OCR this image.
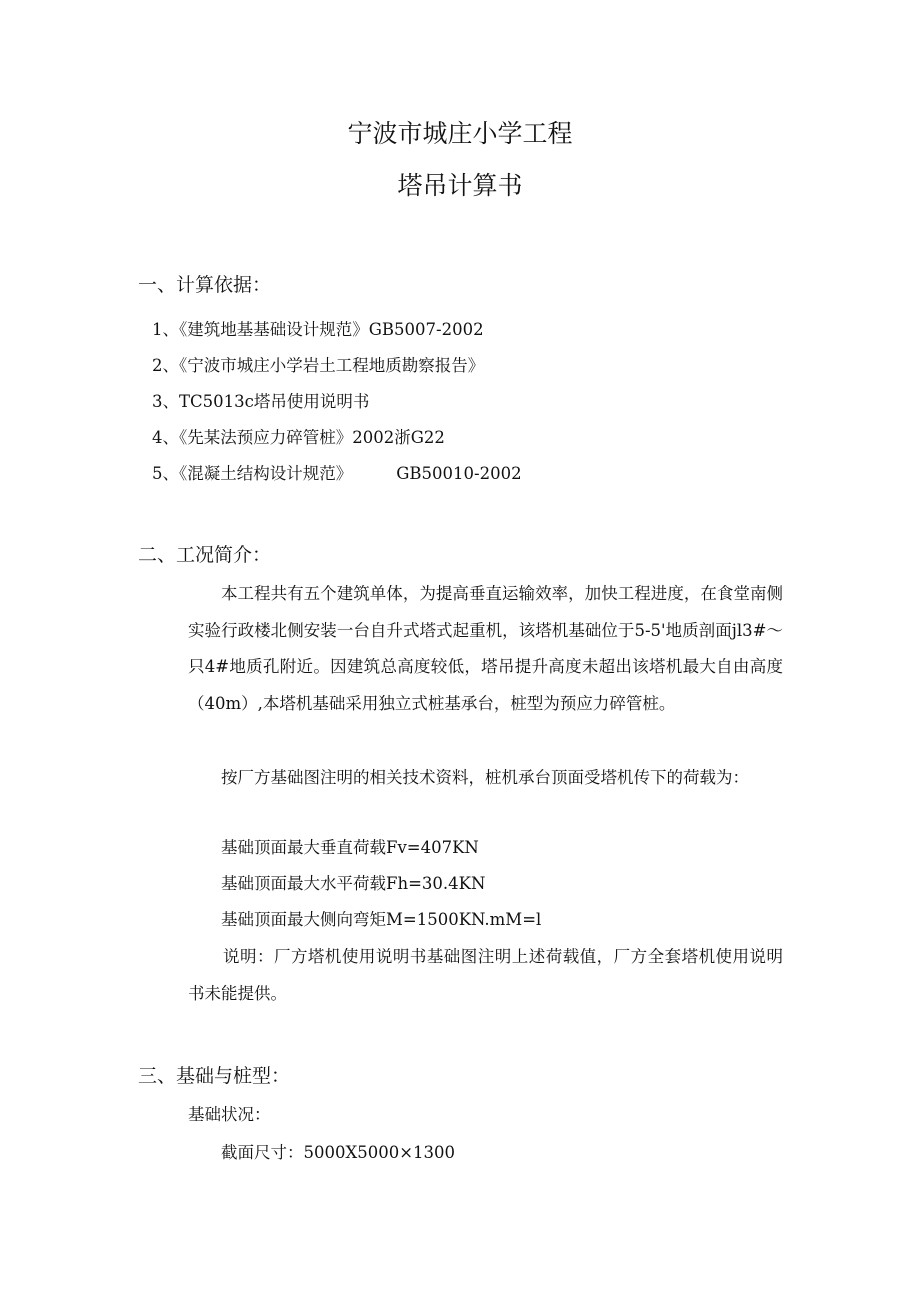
宁波市城庄小学工程
塔吊计算书
一、计算依据：
1、《建筑地基基础设计规范》GB5007-2002
2、《宁波市城庄小学岩土工程地质勘察报告》
3、TC5013c塔吊使用说明书
4、《先某法预应力碎管桩》2002浙G22
5、《混凝土结构设计规范》	GB50010-2002
二、工况简介：

本工程共有五个建筑单体，为提高垂直运输效率，加快工程进度，在食堂南侧实验行政楼北侧安装一台自升式塔式起重机，该塔机基础位于5-5'地质剖面jl3#～只4#地质孔附近。因建筑总高度较低，塔吊提升高度未超出该塔机最大自由高度（40m）,本塔机基础采用独立式桩基承台，桩型为预应力碎管桩。

按厂方基础图注明的相关技术资料，桩机承台顶面受塔机传下的荷载为：

基础顶面最大垂直荷载Fv=407KN
基础顶面最大水平荷载Fh=30.4KN
基础顶面最大侧向弯矩M=1500KN.mM=l

说明：厂方塔机使用说明书基础图注明上述荷载值，厂方全套塔机使用说明书未能提供。

三、基础与桩型：
基础状况：
截面尺寸：5000X5000×1300
